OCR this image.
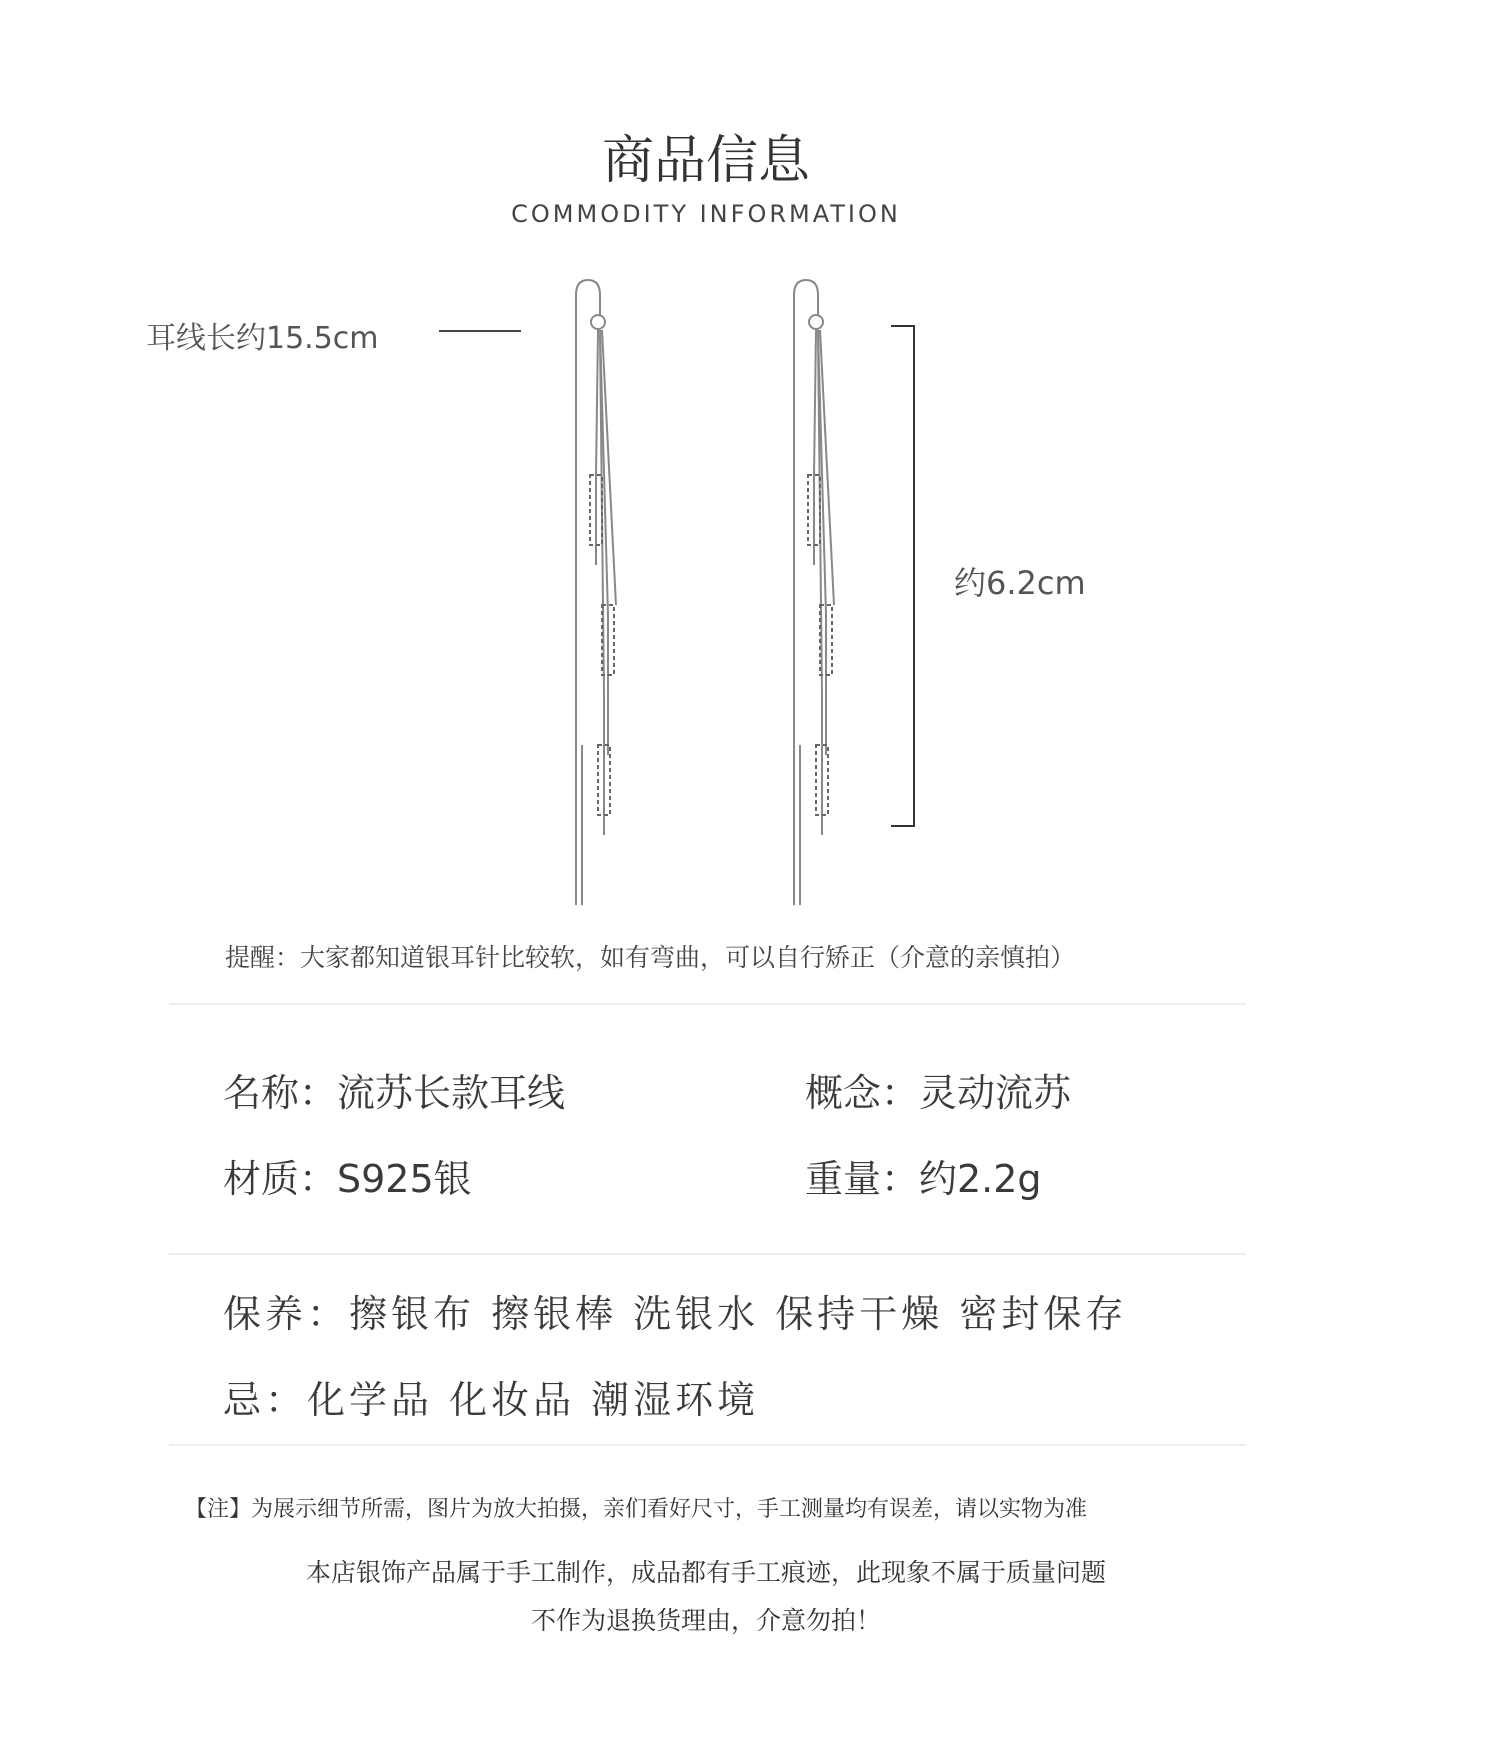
商品信息
COMMODITY INFORMATION
耳线长约15.5cm
约6.2cm
提醒：大家都知道银耳针比较软，如有弯曲，可以自行矫正（介意的亲慎拍）
名称：流苏长款耳线	概念：灵动流苏
材质：S925银	重量：约2.2g
保养：擦银布 擦银棒 洗银水 保持干燥 密封保存
忌：化学品 化妆品 潮湿环境
【注】为展示细节所需，图片为放大拍摄，亲们看好尺寸，手工测量均有误差，请以实物为准
本店银饰产品属于手工制作，成品都有手工痕迹，此现象不属于质量问题
不作为退换货理由，介意勿拍！
